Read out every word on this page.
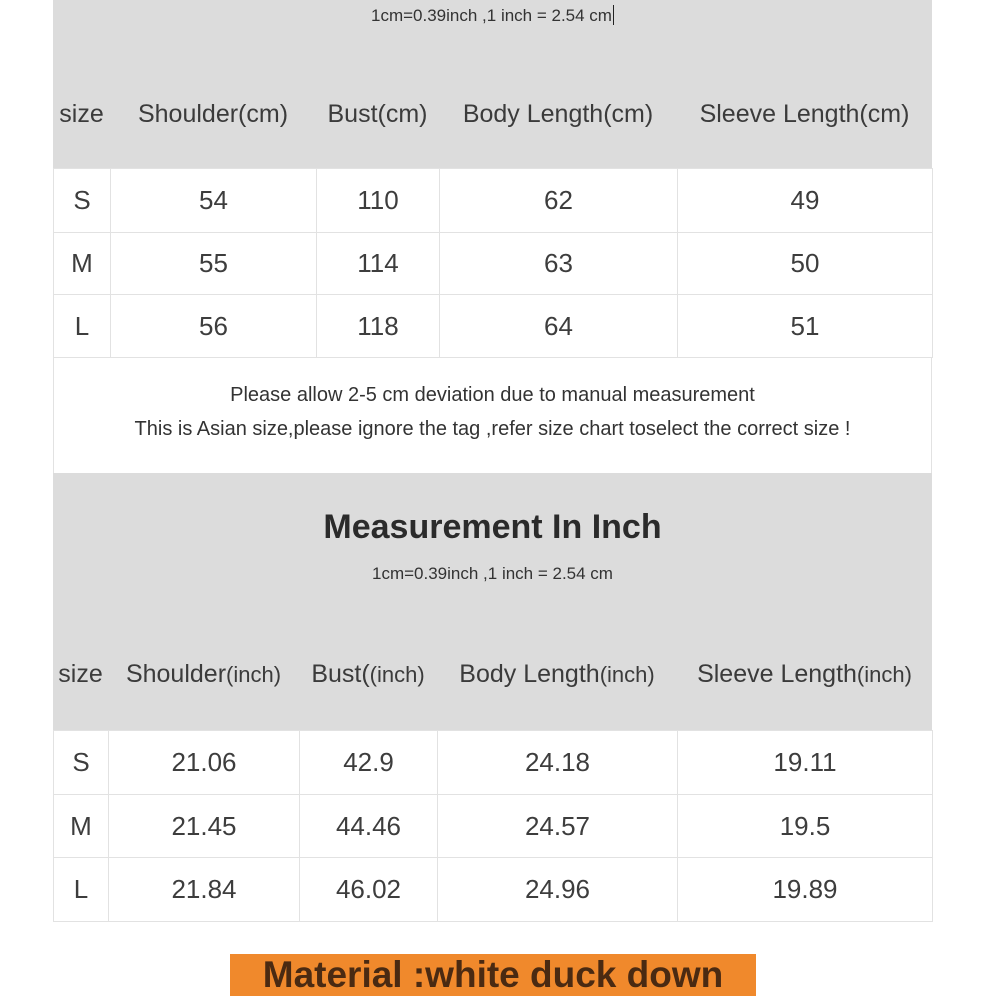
1cm=0.39inch ,1 inch = 2.54 cm
size	Shoulder(cm)	Bust(cm)	Body Length(cm)	Sleeve Length(cm)
S	54	110	62	49
M	55	114	63	50
L	56	118	64	51
Please allow 2-5 cm deviation due to manual measurement
This is Asian size,please ignore the tag ,refer size chart toselect the correct size !
Measurement In Inch
1cm=0.39inch ,1 inch = 2.54 cm
size	Shoulder(inch)	Bust((inch)	Body Length(inch)	Sleeve Length(inch)
S	21.06	42.9	24.18	19.11
M	21.45	44.46	24.57	19.5
L	21.84	46.02	24.96	19.89
Material :white duck down
